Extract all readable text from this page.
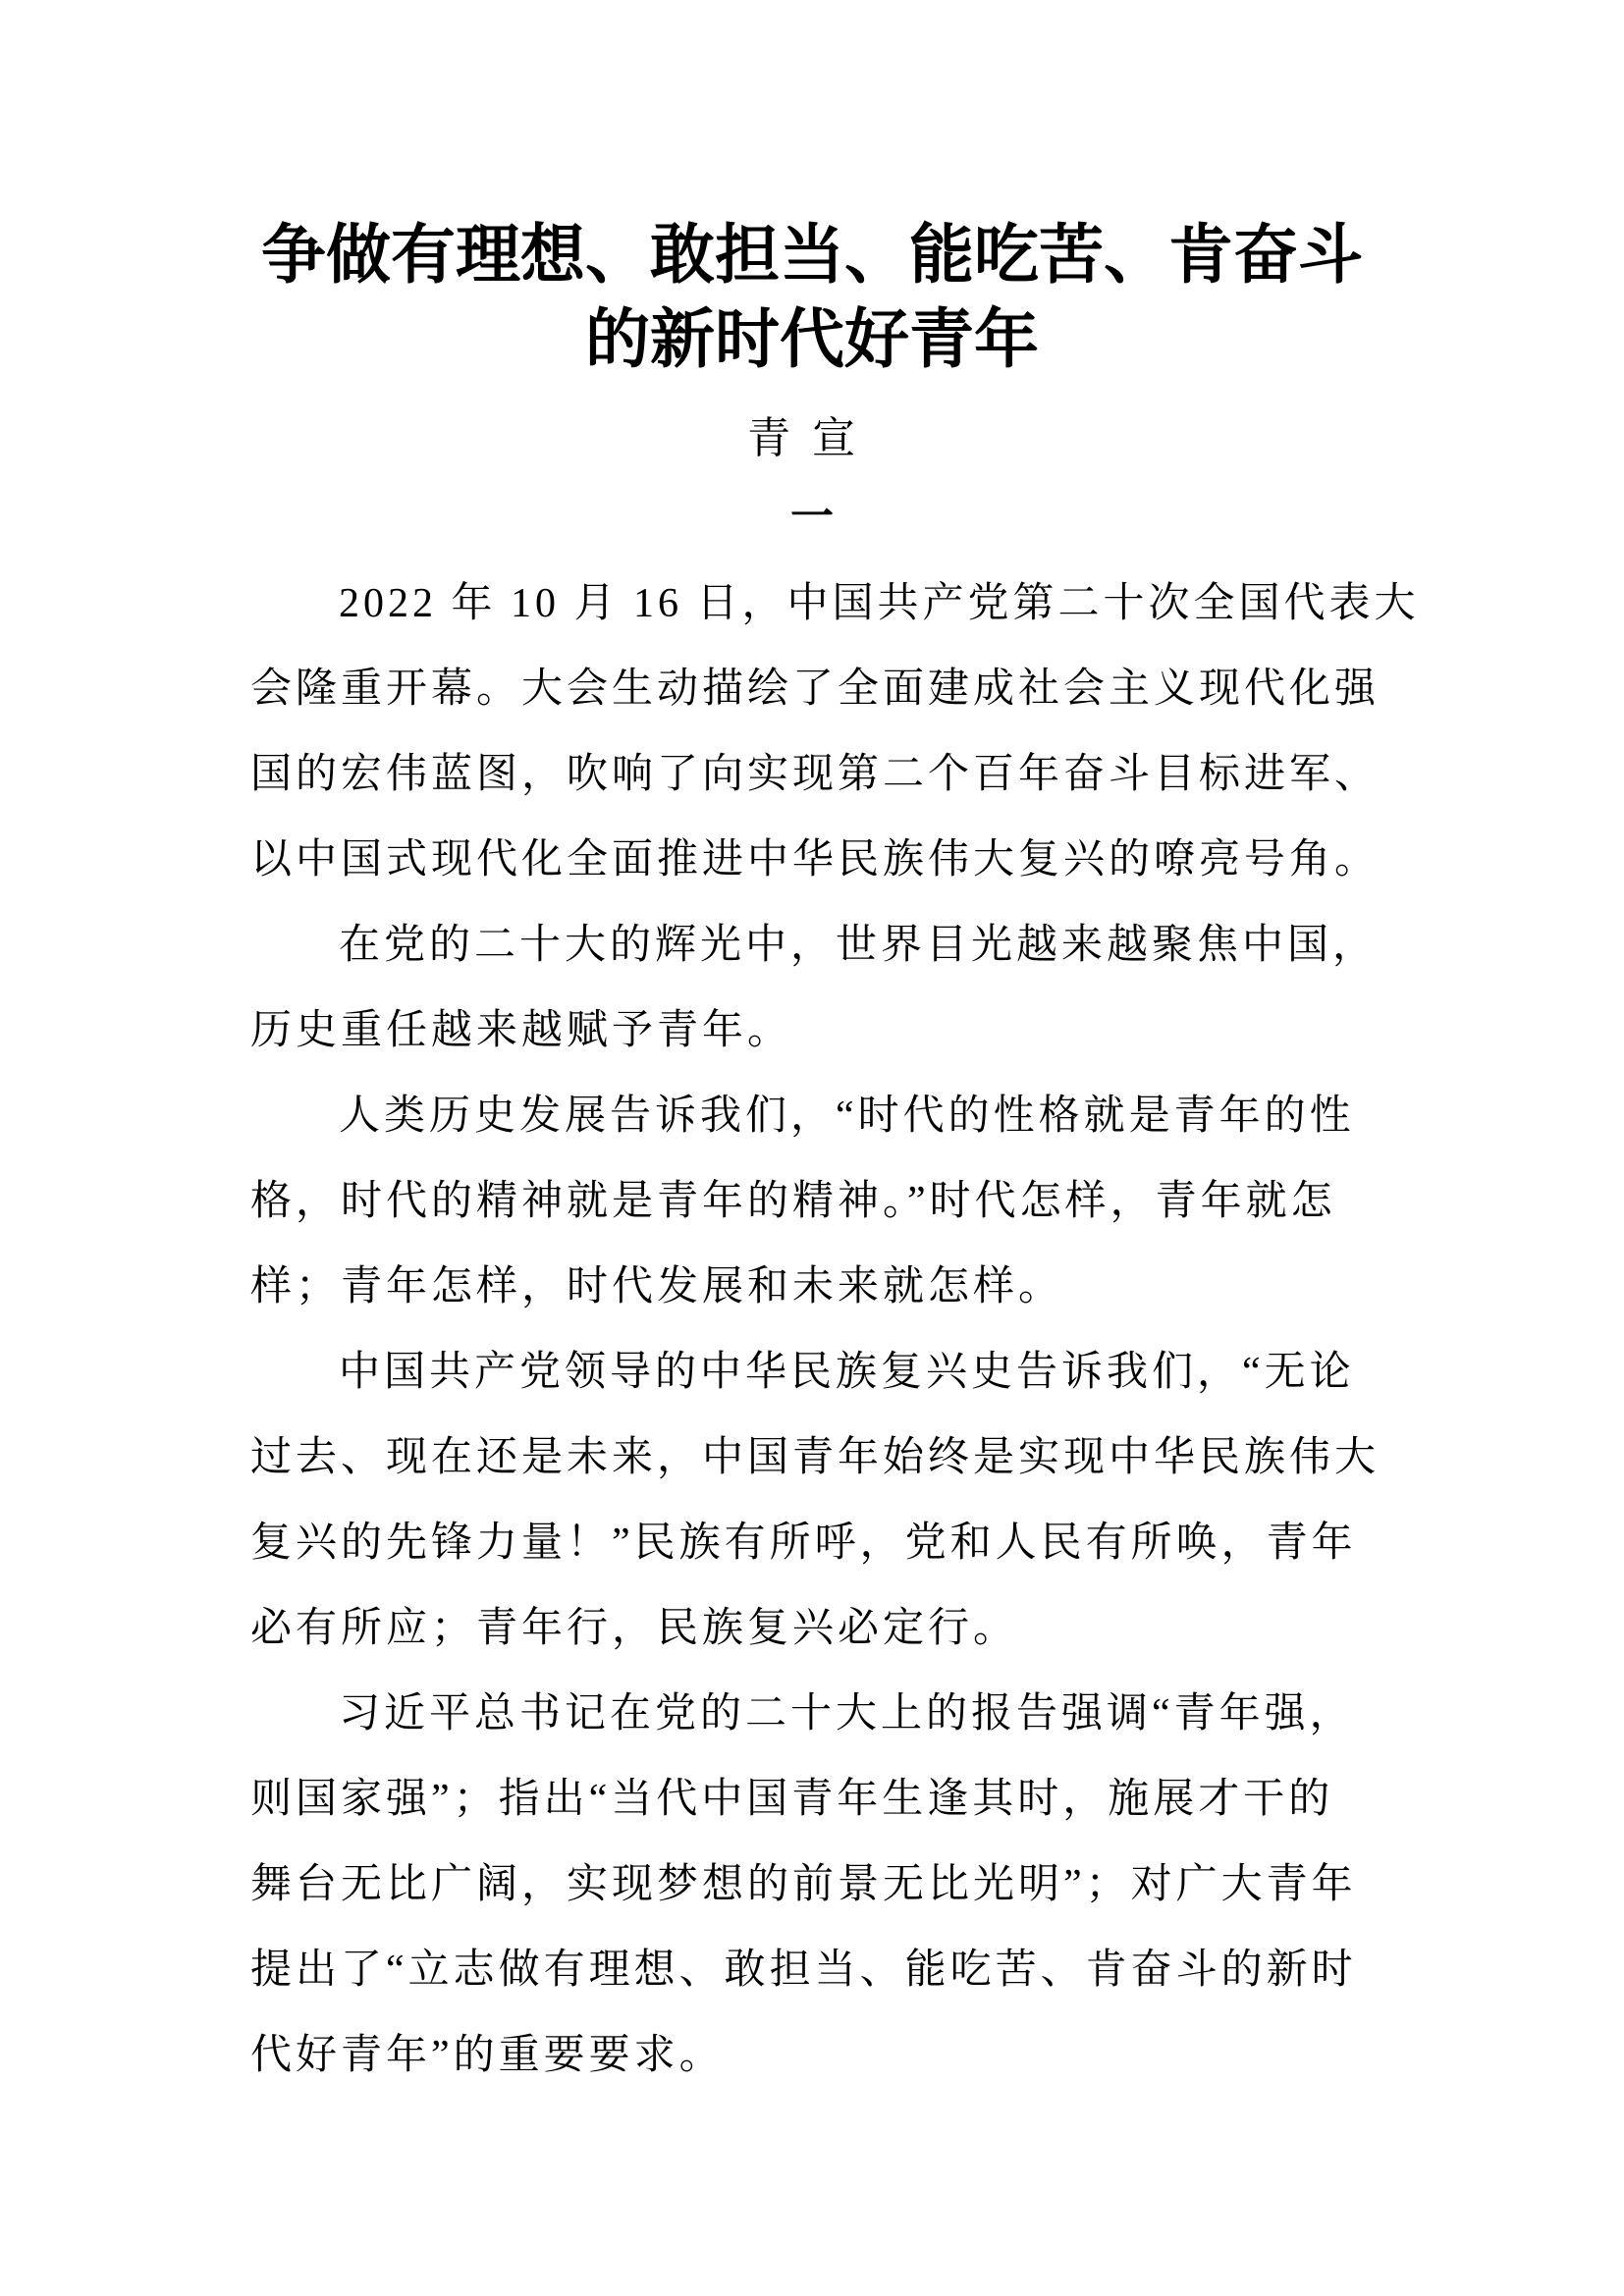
争做有理想、敢担当、能吃苦、肯奋斗
的新时代好青年
青宣
一
2022 年 10 月 16 日，中国共产党第二十次全国代表大
会隆重开幕。大会生动描绘了全面建成社会主义现代化强
国的宏伟蓝图，吹响了向实现第二个百年奋斗目标进军、
以中国式现代化全面推进中华民族伟大复兴的嘹亮号角。
在党的二十大的辉光中，世界目光越来越聚焦中国，
历史重任越来越赋予青年。
人类历史发展告诉我们，“时代的性格就是青年的性
格，时代的精神就是青年的精神。”时代怎样，青年就怎
样；青年怎样，时代发展和未来就怎样。
中国共产党领导的中华民族复兴史告诉我们，“无论
过去、现在还是未来，中国青年始终是实现中华民族伟大
复兴的先锋力量！”民族有所呼，党和人民有所唤，青年
必有所应；青年行，民族复兴必定行。
习近平总书记在党的二十大上的报告强调“青年强，
则国家强”；指出“当代中国青年生逢其时，施展才干的
舞台无比广阔，实现梦想的前景无比光明”；对广大青年
提出了“立志做有理想、敢担当、能吃苦、肯奋斗的新时
代好青年”的重要要求。
